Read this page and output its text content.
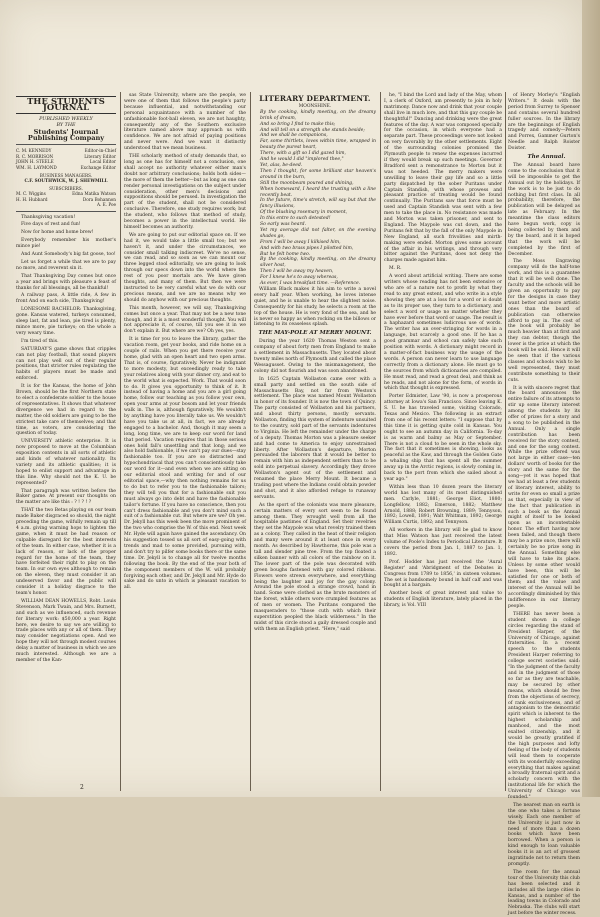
THE STUDENTS JOURNAL
PUBLISHED WEEKLY
BY THE
Students' Journal Publishing Company
C. M. KENNEDY	Editor-in-Chief
R. C. MORRISON	Literary Editor
JOHN H. STEELE	Local Editor
WM. H. LAYMOND	Exchange Editor
BUSINESS MANAGERS.
C.F. SOUTHWICK, W. J. SHEWMILL
SUBSCRIBERS.
M. C. Wiggins	Edna Matika Watson
H. H. Hubbard	Dora Bohannon
A. E. Poe

Thanksgiving vacation!

Five days of rest and fun!

Now for home and home brew!

Everybody remember his mother's mince pie!

And Aunt Somebody's big fat goose, too!

Let us forget a while that we are to pay no more, and reverent sin it.

That Thanksgiving Day comes but once a year and brings with pleasure a feast of thanks for all blessings, all be thankful!

A railway pass, A little ride, A few in front And on each side, Thanksgiving!

LONESOME BACHELOR: Thanksgiving, gone. Kansas watered, turkeys consumed, sleep last, fat and lean, pie tired is plenty, mince more, pie turkeys; on the whole a very weary time.

I'm tired of this.

SATURDAY'S game shows that cripples can not play football, that sound players can not play well out of their regular positions, that stricter rules regulating the habits of players must be made and enforced.

It is for the Kansas, the home of John Brown, should be the first Northern state to elect a confederate soldier to the house of representatives. It shows that whatever divergence we had in regard to the matter, the old soldiers are going to be the strictest take care of themselves; and that time, as voters, are considering the question of today.

UNIVERSITY athletic enterprise. It is now proposed to move at the Columbian exposition contents in all sorts of athletic and kinds of whatever nationality. Its variety and its athletic qualities; it is hoped to enlist support and advantage in this line. Why should not the K. U. be represented?

That paragraph was written before the Baker game. At present our thoughts on the matter are like this : ? ! ? ! ?

THAT the two Betas playing on our team made Baker disgraced so should, the night preceding the game, wilfully remain up till 4 a.m. giving warning hops to lighten the game, when it must be had reason or culpable disregard for the best interests of the team. In either case, whether it is a lack of reason, or lack of the proper regard for the home of the team, they have forfeited their right to play on the team. In our own eyes although to remain on the eleven, they must consider it an undeserved favor and the public will consider it a holiday disgrace to the team's honor.

WILLIAM DEAN HOWELLS, Robt. Louis Stevenson, Mark Twain, and Mrs. Burnett, and such as we influenced, such revenue for literary work: $50,000 a year. Right here, we desire to say we are willing to trade places with any or all of them. They may consider negotiations open. And we hope they will not through modest courses delay a matter of business in which we are much interested. Although we are a member of the Kan-

sas State University, where are the people, we were one of them that follows the people's party because influential, and notwithstanding our personal acquaintance with a number of the unfashionable foot-ball eleven, we are not haughty, consequently any of the Southern exclusive literature named above may approach us with confidence. We are not afraid of paying positions and never were. And we want it distinctly understood that we mean business.

THE scholarly method of study demands that, so long as one has for himself not a conclusion, one shall accept no authority whatever either man's doubt nor arbitrary conclusions; holds both sides—the more of them the better—but as long as one can render personal investigations on the subject under consideration, other men's decisions and suppositions should be perused. In investigation the part of the student, shall not be considered conclusive. Therefore, one study requires work; but the student, who follows that method of study, becomes a power in the intellectual world. He himself becomes an authority.

We are going to put our editorial space on. If we had it, we would take a little small too; but we haven't it, and under the circumstances, we consider small talking indiscreet. We've no sense, we can read, and so soon as we can mount our three legged stool editorially, we are going to look through our specs down into the world where the rest of you poor mortals are. We have given thoughts, and many of them. But then we were instructed to be very careful what we do with our precious means, and we are no means why we should do anyhow with our precious thoughts.

This month, however, we will say, Thanksgiving comes but once a year. That may not be a new tone though, and it is a most wonderful thought. You will not appreciate it, of course, till you see it in we don't explain it. But where are we? Oh yes, yes.

It is time for you to leave the library, gather the vacation room, get your books, and ride home on a couple of rails. When you get there receive your home, glad with an open heart and two open arms. That is, of course, figuratively. Never be indignant to more modesty, but exceedingly ready to take your relatives along with your dinner cry, and eat to the world what is expected. Work. That would soon to do. It gives you opportunity to think of it. It instead of having a home and you are a girl going home, follow our teaching as you follow your own, open your arms at your bosom and let your friends walk in. The is, although figuratively. We wouldn't by anything have you literally take us. We wouldn't have you take us at all, in fact, we are already engaged to a bachelor. And, though it may seem a long, long time, we are to keep our word for land that period. Vacation requires that in those serious ones hold fall's unsettling and that long; and we also hold fashionable, if we can't pay our dues—stay fashionable too. If you are so distracted and hypochondriacal that you can't conscientiously take our word for it—and even when we are sitting on our editorial stool and writing for and of our editorial space,—why then nothing remains for us to do but to refer you to the fashionable tailors; they will tell you that for a fashionable suit you must always go into debt and have the fashionable tailor's fortune. If you have no conscience, then you can't dress fashionable and you don't mind such a suit of a fashionable cut. But where are we? Oh yes. Dr. Jekyll has this week been the more prominent of the two who comprise the W. of this end. Next week Mr. Hyde will again have gained the ascendancy. On his suggestion tossed us all sort of easy-going with trends and mad to some provided, pursuing with, and don't try to pilfer some books there or the same time. Dr. Jekyll is to change all for twelve months following the book. By the end of the year both of the component members of the W. will probably forgiving each other, and Dr. Jekyll and Mr. Hyde do sake and do unto in which is pleasant vacation to all.

LITERARY DEPARTMENT.
MOONSHINE.
By the cooking, kindly meeting, on the dreamy brink of dream,
And so bring I find to make this;
And will tell on a strength she stands beside;
And we shall be companions,
Far, some thirtlets, loves within time, wrapped in beauty the purest heart,
There, with a gift so I did gazed him,
And he would I did "implored thee,"
Yet, alas, be-deed.
Then I thought, for some brilliant star heaven's around in the burn,
Still the moonbeam poured and shining,
When homeward, I heard the trusting with a line recently beat.
In the future, time's stretch, will say but that the fancy illusions,
Of the blushing rosemary in moment,
In this entre to such detested!
So early was heard.
Yet my average did not falter, on the evening shades go,
From I will be away I kilkised him,
And with two brass pipes I pilotted him,
But he felt home two.
By the cooking, kindly meeting, on the dreamy silver host,
Then I will be away my heaven,
For I knew he's to away whereas,
As ever, I was breakfast time. —Reference.

William Black makes it his aim to write a novel every half year. When working, he loves intense quiet, and he is unable to hear the slightest noise. Consequently for his study, he selects a room at the top of the house. He is very fond of the sea, and he is never so happy as when rocking on the billows or listening to its ceaseless splash.

THE MAY-POLE AT MERRY MOUNT.

During the year 1620 Thomas Weston sent a company of about forty men from England to make a settlement in Massachusetts. They located about twenty miles north of Plymouth and called the place Wessagusset. Owing to the mismanagement, the colony did not flourish and was soon abandoned.

In 1625 Captain Wollaston came over with a small party and settled on the south side of Massachusetts Bay, not far from Weston's settlement. The place was named Mount Wollaston in honor of its founder. It is now the town of Quincy. The party consisted of Wollaston and his partners, and about thirty persons, mostly servants. Wollaston, finding this system of indenture unsuited to the country, sold part of the servants indentures to Virginia. He left the remainder under the charge of a deputy. Thomas Morton was a pleasure seeker and had come to America to enjoy unrestrained liberty. After Wollaston's departure, Morton persuaded the laborers that it would be better to remain with him as independent settlers than to be sold into perpetual slavery. Accordingly they drove Wollaston's agent out of the settlement and renamed the place Merry Mount. It became a trading post where the Indians could obtain powder and shot, and it also afforded refuge to runaway servants.

As the sport of the colonists was more pleasure, certain matters of every sort seem to be found among them. They wrought well from all the hospitable pastimes of England. Set their revelries they set the Maypole was what revelry trained them as a colony. They called in the heat of their religion and many were around it at least once in every month. As described by Hawthorne, this pole was a tall and slender pine tree. From the top floated a silken banner with all colors of the rainbow on it. The lower part of the pole was decorated with green boughs fastened with gay colored ribbons. Flowers were strewn everywhere, and everything being the laughter and joy for the gay colony. Around the pole stood a strange crowd, hand in hand. Some were clothed as the brute monsters of the forest, while others wore crumpled features as of men or women. The Puritans compared the masqueraders to "those cuth with which their superstition peopled the black wilderness." In the midst of this circle stood a gaily dressed couple and with them an English priest. "Here," said

he, "I bind the Lord and lady of the May, whom I, a clerk of Oxford, am presently to join in holy matrimony. Dance now and drink that your couple shall live in much lore, and that this gay couple be thoughtful!" Dancing and drinking were the great features of the day. A war was composed specially for the occasion, in which everyone had a separate part. These proceedings were not looked on very favorably by the other settlements. Eight of the surrounding colonies promised the Plymouth people to renew the expenses incurred if they would break up such meetings. Governor Bradford sent a remonstrance to Morton but it was not heeded. The merry makers were unwilling to leave their gay life and so a little party dispatched by the sober Puritans under Captain Standish, with whose prowess and pleasant practice of treating would be found continually. The Puritans saw that force must be used and Captain Standish was sent with a few men to take the place in. No resistance was made and Morton was taken prisoner, and sent to England. The Maypole was cut down, and the Puritans felt that by the fall of the only Maypole in New England, all such frivolities and mirth-making were ended. Morton gives some account of the affair in his writings, and through very bitter against the Puritans, does not deny the charges made against him.

M. R.

A word about artificial writing. There are some writers whose reading has not been extensive or who are of a nature not to profit by what they read to any great extent, and who write in a style showing they are at a loss for a word or is doubt as to its proper use, they turn to a dictionary, and select a word or usage no matter whether they have ever before that word or usage. The result is a haphazard sometimes ludicrous use of words. The writer has an over-stringing for words in a language, but scarcely a good one. If he has a good grammar and school can safely take such position with words. A dictionary might record in a matter-of-fact business way the usage of the words. A person can never learn to use language correctly from a dictionary alone. He must go to the sources from which dictionaries are compiled. He must read, and read a great deal, and think as he reads, and not alone for the form, of words in which that thought is expressed.

Porter Edmister, Law '90, is now a prosperous attorney at Iowa's San Francisco. Since leaving K. S. U. he has traveled some, visiting Colorado, Texas and Mexico. The following is an extract from one of his recent letters: "I suppose that by this time it is getting quite cold in Kansas. You ought to see an autumn day in California. To-day is as warm and balmy as May or September. There is not a cloud to be seen in the whole sky. The fact that it sometimes is showing, looks as peaceful as the Kaw, and through the Golden Gate a whaling ship that has spent all the summer away up in the Arctic regions, is slowly coming in, back to the port from which she sailed about a year ago."

Within less than 10 dozen years the literary world has lost many of its most distinguished men. Carlyle, 1881; George Eliot, 1880; Longfellow, 1882; Emerson, 1882; Matthew Arnold, 1888; Robert Browning, 1889; Tennyson, 1892; Lowell, 1891; Walt Whitman, 1892; George William Curtis, 1892; and Tennyson.

All workers in the library will be glad to know that Miss Watson has just received the latest volume of Poole's Index to Periodical Literature. It covers the period from Jan. 1, 1887 to Jan. 1, 1892.

Prof. Hodder has just received the 'Aural Register' and 'Abridgment of the Debates in Congress from 1789 to 1856,' in sixteen volumes. The set is handsomely bound in half calf and was bought at a bargain.

Another book of great interest and value to students of English literature, lately placed in the library, is Vol. VIII

of Henry Morley's "English Writers." It deals with the period from Surrey to Spenser and contains several hundred fuller sources. In the library are the beginnings of English tragedy and comedy—Peters and Porrex, Gammer Gurton's Needle and Ralph Roister Doister.

The Annual.

The Annual board have come to the conclusion that it will be impossible to get the Annual out by the holidays. If the work is to be just to do nothing but first class. In all probability, therefore, the publication will be delayed as late as February. In the meantime the class editors have begun work, copy is being collected by them and by the board, and it is hoped that the work will be completed by the first of December.

The Moss Engraving company will do the half-tone work, and this is a guarantee that it will be well done. The faculty and the schools will be given an opportunity to pay for the designs in case they want better and more artistic ones than the board of publication can otherwise afford to pay in. The cost of the book will probably be much heavier than at first and they can debtor, though the lower is the price at which the book will be sold. Hence it will be seen that if the various classes and schools wish to be well represented, they must contribute something to their cuts.

It is with sincere regret that the board announces the entire failure of its attempts to stir up some literary interest among the students by its offer of prizes for a story and a song to be published in the Annual. Only a single contribution has been received for the story contest, and one for the song contest. While the prize offered was not large in either case—ten dollars' worth of books for the story and the same for the song—yet it was hoped that we had at least a few students of literary interest, ability to write for even so small a prize as that, especially in view of the fact that publication in such a book as the Annual might of itself to be looked upon as an incontestable honor. The effort having now been failed, and though there may be a prize once, there will certainly be no prize song in the Annual. Something else will have to take its place. Unless by some other would have been, this will be satisfied for one or both of them; and the value and interest of the Annual will be accordingly diminished by this indifference in our literary people.

THERE has never been a student shown in college circles regarding the stand of President Harper, of the University of Chicago, against fraternities. In a recent speech to the students President Harper referring to college secret societies said: "In the judgment of the faculty and in the judgment of those so far as they are teachable, may be secured by other means, which should be free from the objections of secrecy, of rank exclusiveness, and of antagonism to the democratic spirit which is inherent to the highest scholarship and manhood, and the most exalted citizenship, and it would be greatly gratified if the high purposes and lofty feeling of the body of students will lead them to cooperate with its wonderfully exceeding everything that makes against a broadly fraternal spirit and a scholarly concern with the institutional life for which the University of Chicago was founded."

The nearest man on earth is the one who takes a fortune wisely. Each one member of the University is just now in need of more than a dozen books which have been borrowed. When a person is kind enough to loan valuable books it is an act of grossest ingratitude not to return them promptly.

The room for the annual tour of the University this club has been selected and it includes all the large cities in Kansas, and a number of the leading towns in Colorado and Nebraska. The clubs will start just before the winter recess.

2
